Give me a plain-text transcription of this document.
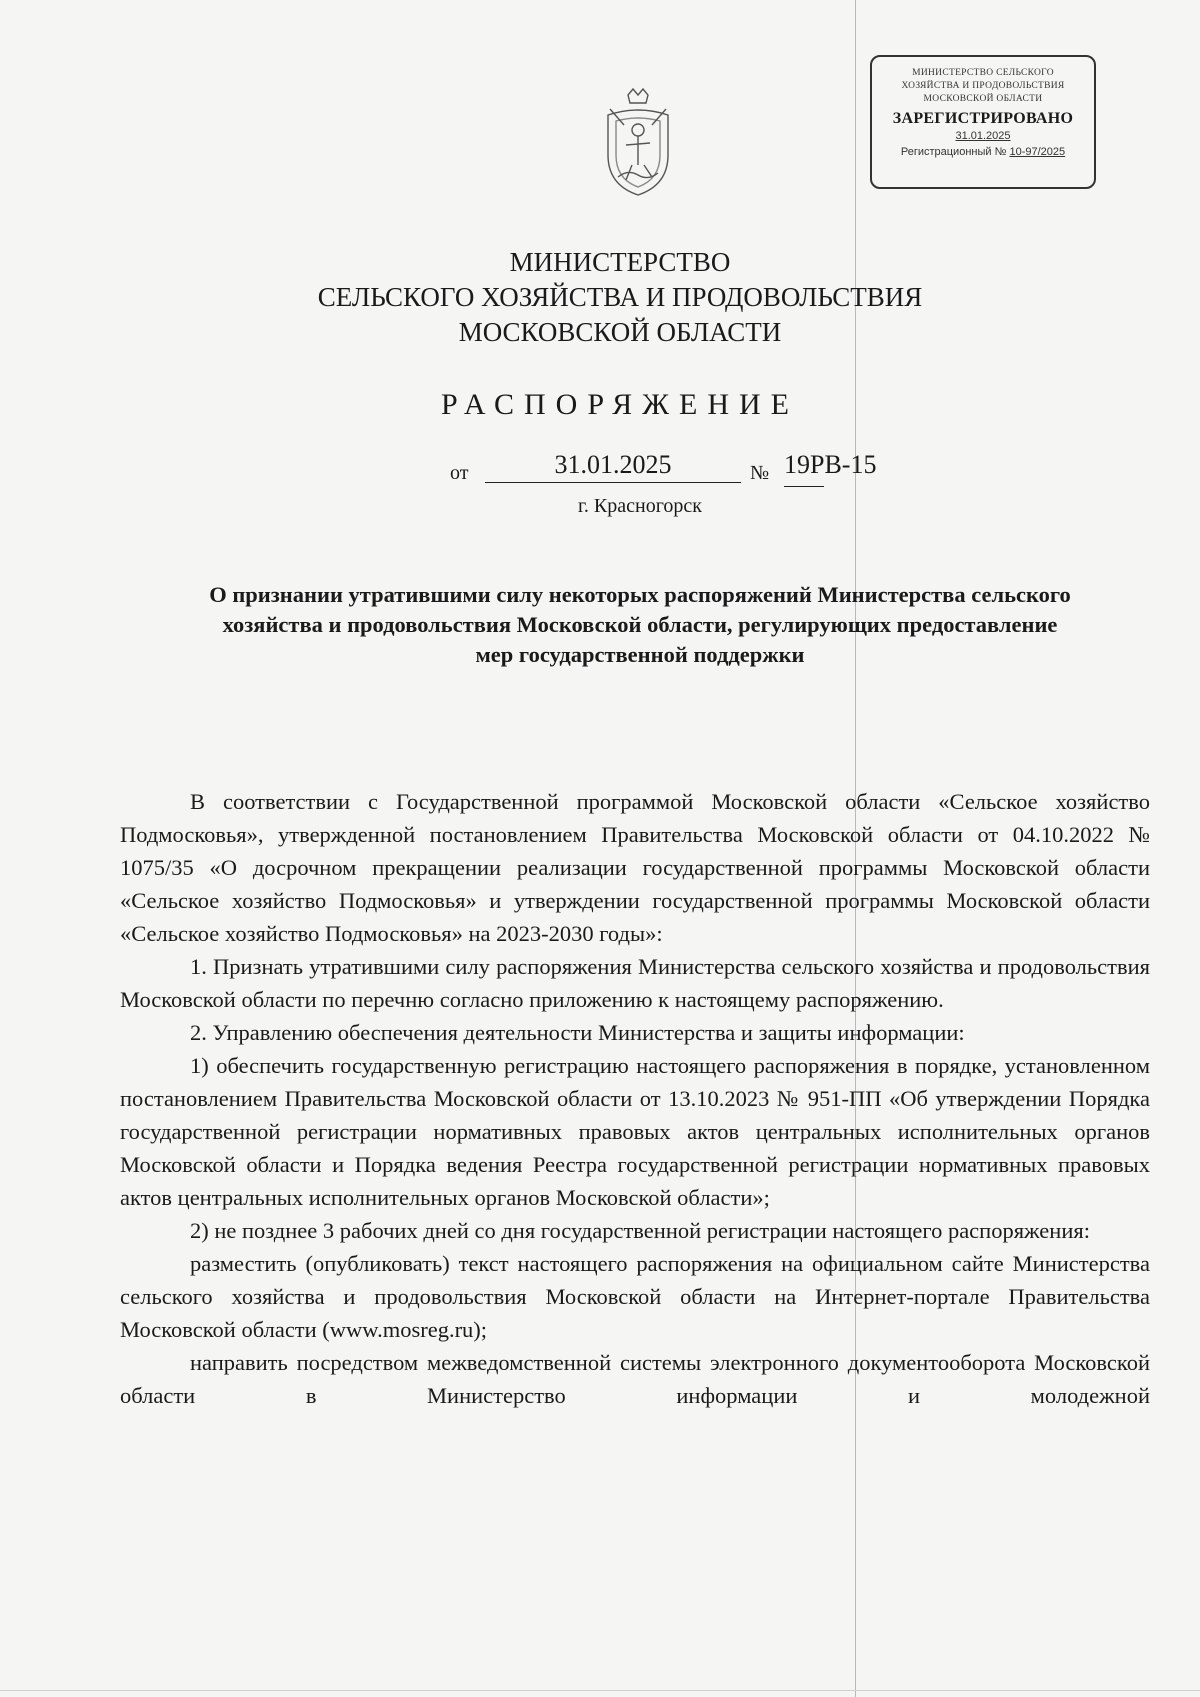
МИНИСТЕРСТВО СЕЛЬСКОГО
ХОЗЯЙСТВА И ПРОДОВОЛЬСТВИЯ
МОСКОВСКОЙ ОБЛАСТИ
ЗАРЕГИСТРИРОВАНО
31.01.2025
Регистрационный № 10-97/2025
МИНИСТЕРСТВО
СЕЛЬСКОГО ХОЗЯЙСТВА И ПРОДОВОЛЬСТВИЯ
МОСКОВСКОЙ ОБЛАСТИ
РАСПОРЯЖЕНИЕ
от	31.01.2025	№ 19РВ-15
г. Красногорск
О признании утратившими силу некоторых распоряжений Министерства сельского
хозяйства и продовольствия Московской области, регулирующих предоставление
мер государственной поддержки

В соответствии с Государственной программой Московской области «Сельское хозяйство Подмосковья», утвержденной постановлением Правительства Московской области от 04.10.2022 № 1075/35 «О досрочном прекращении реализации государственной программы Московской области «Сельское хозяйство Подмосковья» и утверждении государственной программы Московской области «Сельское хозяйство Подмосковья» на 2023-2030 годы»:

1. Признать утратившими силу распоряжения Министерства сельского хозяйства и продовольствия Московской области по перечню согласно приложению к настоящему распоряжению.

2. Управлению обеспечения деятельности Министерства и защиты информации:

1) обеспечить государственную регистрацию настоящего распоряжения в порядке, установленном постановлением Правительства Московской области от 13.10.2023 № 951-ПП «Об утверждении Порядка государственной регистрации нормативных правовых актов центральных исполнительных органов Московской области и Порядка ведения Реестра государственной регистрации нормативных правовых актов центральных исполнительных органов Московской области»;

2) не позднее 3 рабочих дней со дня государственной регистрации настоящего распоряжения:

разместить (опубликовать) текст настоящего распоряжения на официальном сайте Министерства сельского хозяйства и продовольствия Московской области на Интернет-портале Правительства Московской области (www.mosreg.ru);

направить посредством межведомственной системы электронного документооборота Московской области в Министерство информации и молодежной
